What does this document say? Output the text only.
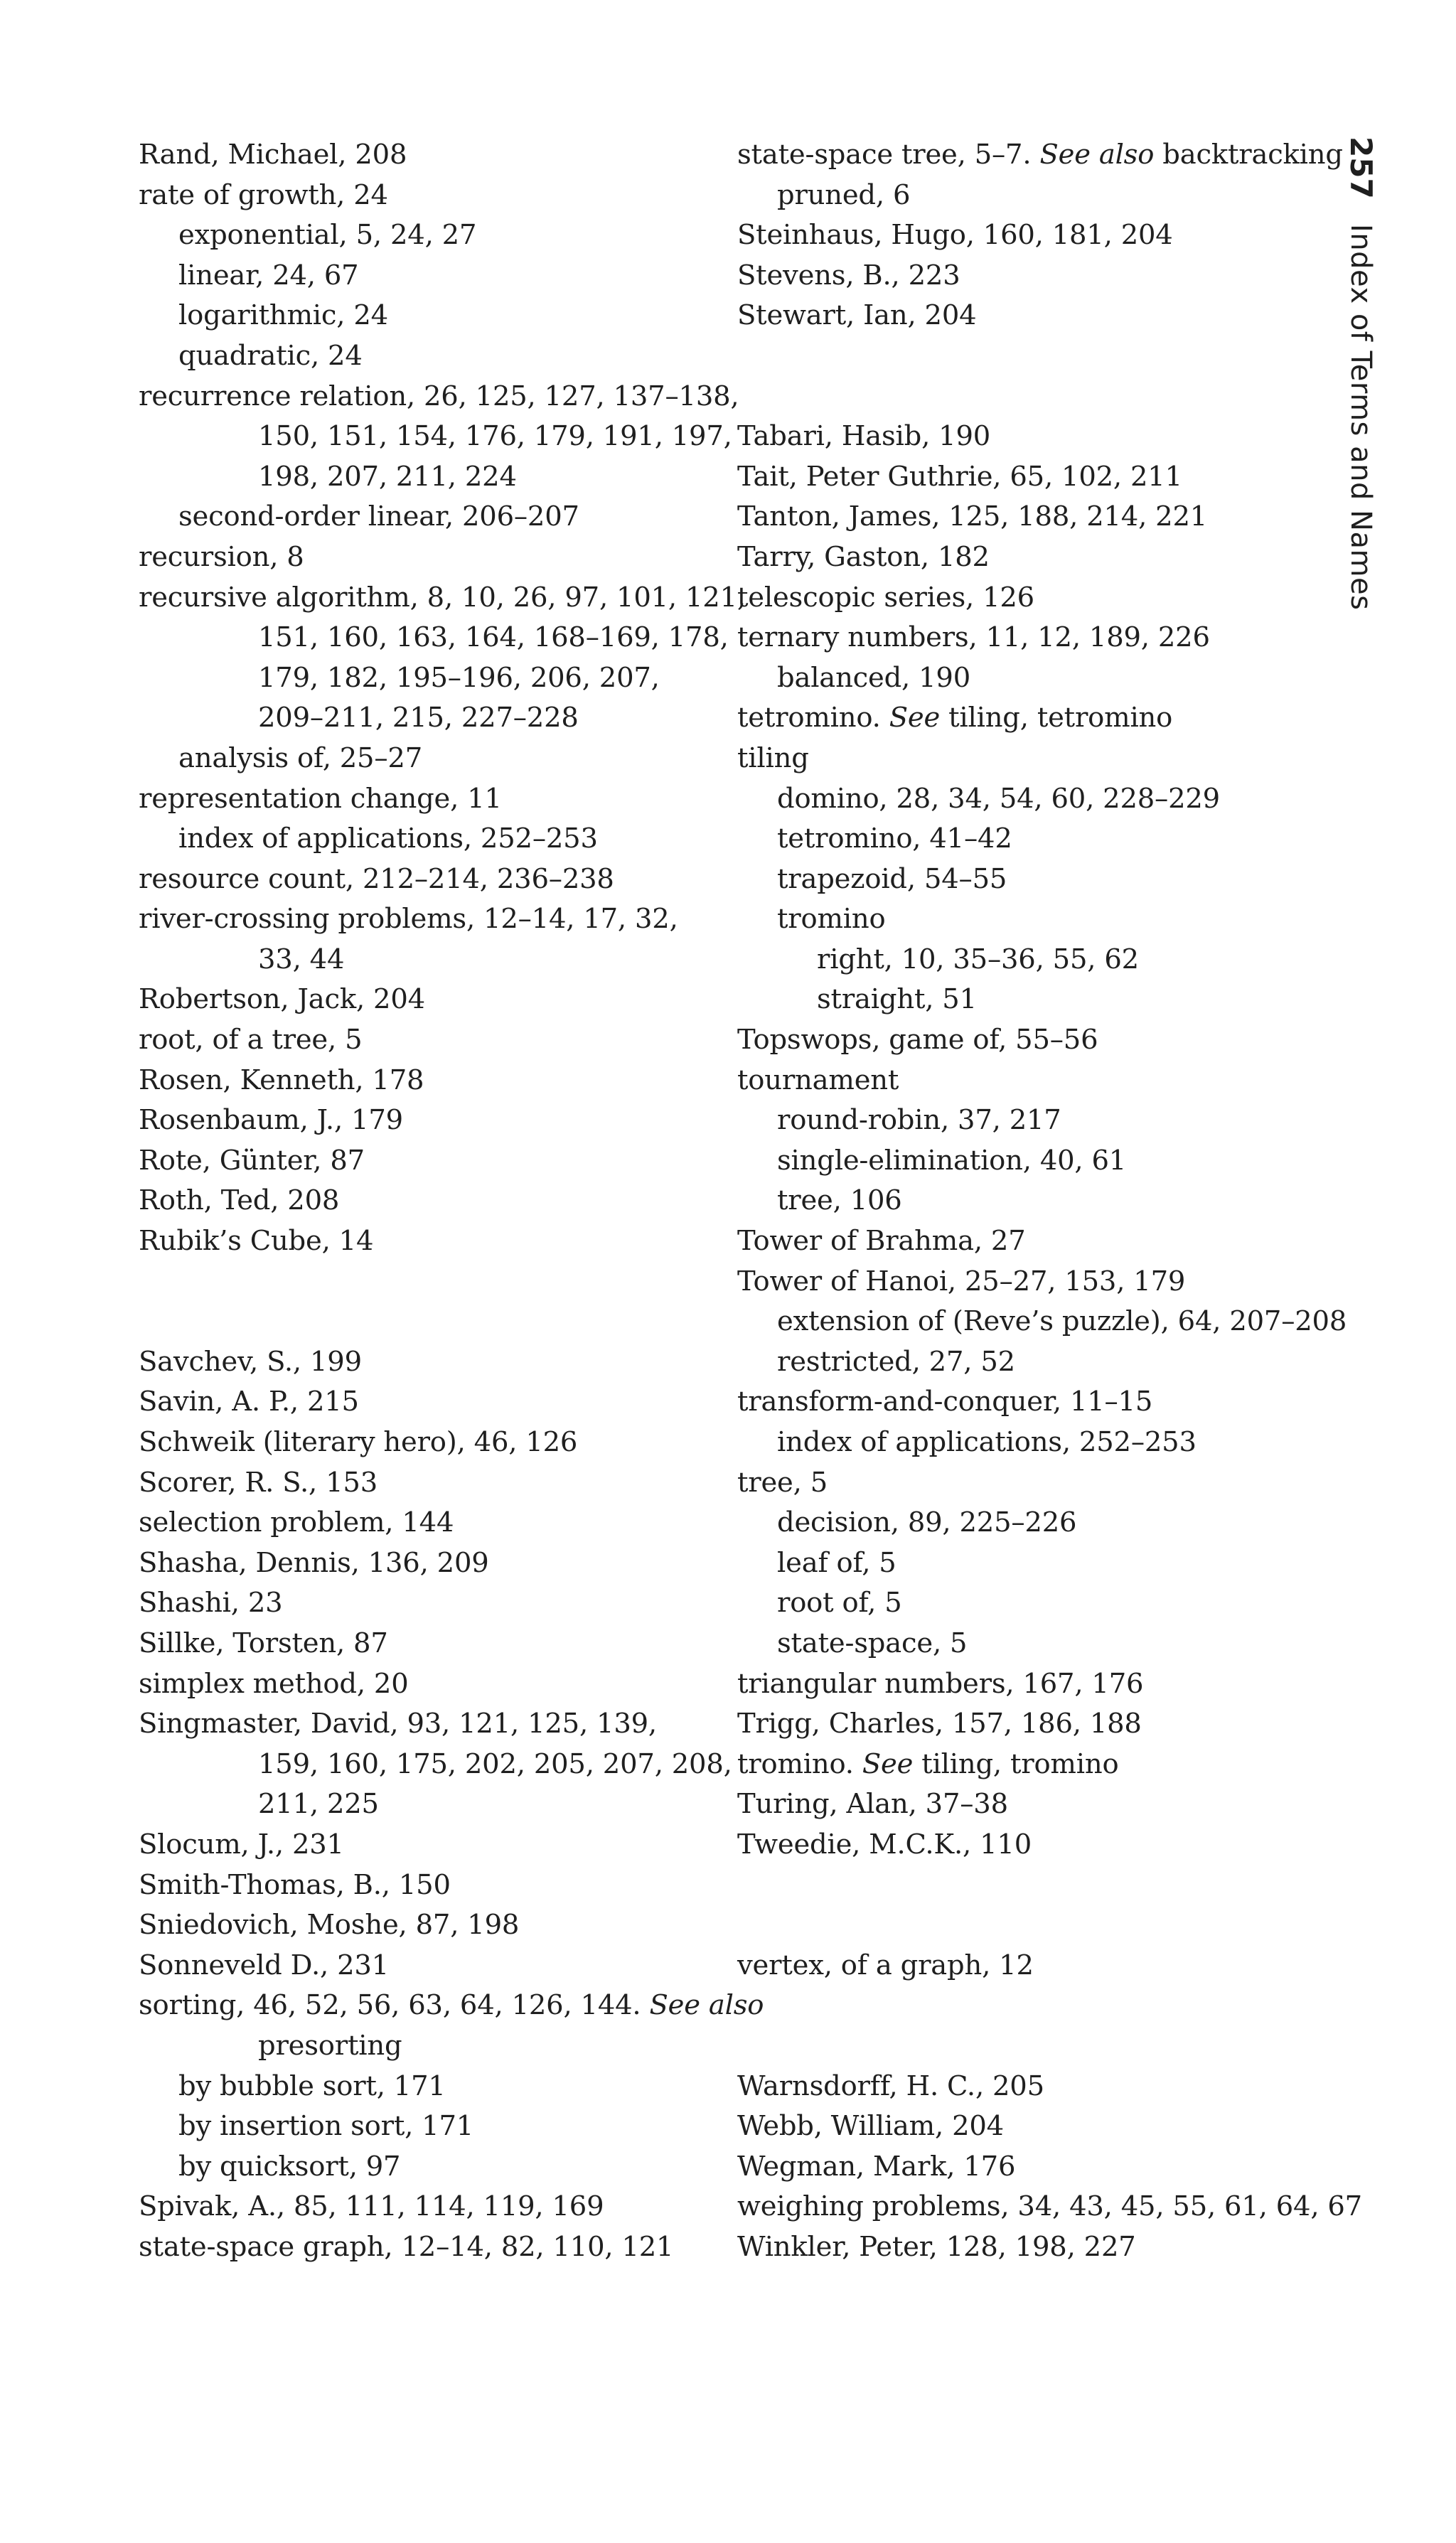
Rand, Michael, 208
rate of growth, 24
exponential, 5, 24, 27
linear, 24, 67
logarithmic, 24
quadratic, 24
recurrence relation, 26, 125, 127, 137–138,
150, 151, 154, 176, 179, 191, 197,
198, 207, 211, 224
second-order linear, 206–207
recursion, 8
recursive algorithm, 8, 10, 26, 97, 101, 121,
151, 160, 163, 164, 168–169, 178,
179, 182, 195–196, 206, 207,
209–211, 215, 227–228
analysis of, 25–27
representation change, 11
index of applications, 252–253
resource count, 212–214, 236–238
river-crossing problems, 12–14, 17, 32,
33, 44
Robertson, Jack, 204
root, of a tree, 5
Rosen, Kenneth, 178
Rosenbaum, J., 179
Rote, Günter, 87
Roth, Ted, 208
Rubik’s Cube, 14
Savchev, S., 199
Savin, A. P., 215
Schweik (literary hero), 46, 126
Scorer, R. S., 153
selection problem, 144
Shasha, Dennis, 136, 209
Shashi, 23
Sillke, Torsten, 87
simplex method, 20
Singmaster, David, 93, 121, 125, 139,
159, 160, 175, 202, 205, 207, 208,
211, 225
Slocum, J., 231
Smith-Thomas, B., 150
Sniedovich, Moshe, 87, 198
Sonneveld D., 231
sorting, 46, 52, 56, 63, 64, 126, 144. See also
presorting
by bubble sort, 171
by insertion sort, 171
by quicksort, 97
Spivak, A., 85, 111, 114, 119, 169
state-space graph, 12–14, 82, 110, 121
state-space tree, 5–7. See also backtracking
pruned, 6
Steinhaus, Hugo, 160, 181, 204
Stevens, B., 223
Stewart, Ian, 204
Tabari, Hasib, 190
Tait, Peter Guthrie, 65, 102, 211
Tanton, James, 125, 188, 214, 221
Tarry, Gaston, 182
telescopic series, 126
ternary numbers, 11, 12, 189, 226
balanced, 190
tetromino. See tiling, tetromino
tiling
domino, 28, 34, 54, 60, 228–229
tetromino, 41–42
trapezoid, 54–55
tromino
right, 10, 35–36, 55, 62
straight, 51
Topswops, game of, 55–56
tournament
round-robin, 37, 217
single-elimination, 40, 61
tree, 106
Tower of Brahma, 27
Tower of Hanoi, 25–27, 153, 179
extension of (Reve’s puzzle), 64, 207–208
restricted, 27, 52
transform-and-conquer, 11–15
index of applications, 252–253
tree, 5
decision, 89, 225–226
leaf of, 5
root of, 5
state-space, 5
triangular numbers, 167, 176
Trigg, Charles, 157, 186, 188
tromino. See tiling, tromino
Turing, Alan, 37–38
Tweedie, M.C.K., 110
vertex, of a graph, 12
Warnsdorff, H. C., 205
Webb, William, 204
Wegman, Mark, 176
weighing problems, 34, 43, 45, 55, 61, 64, 67
Winkler, Peter, 128, 198, 227
257 Index of Terms and Names
